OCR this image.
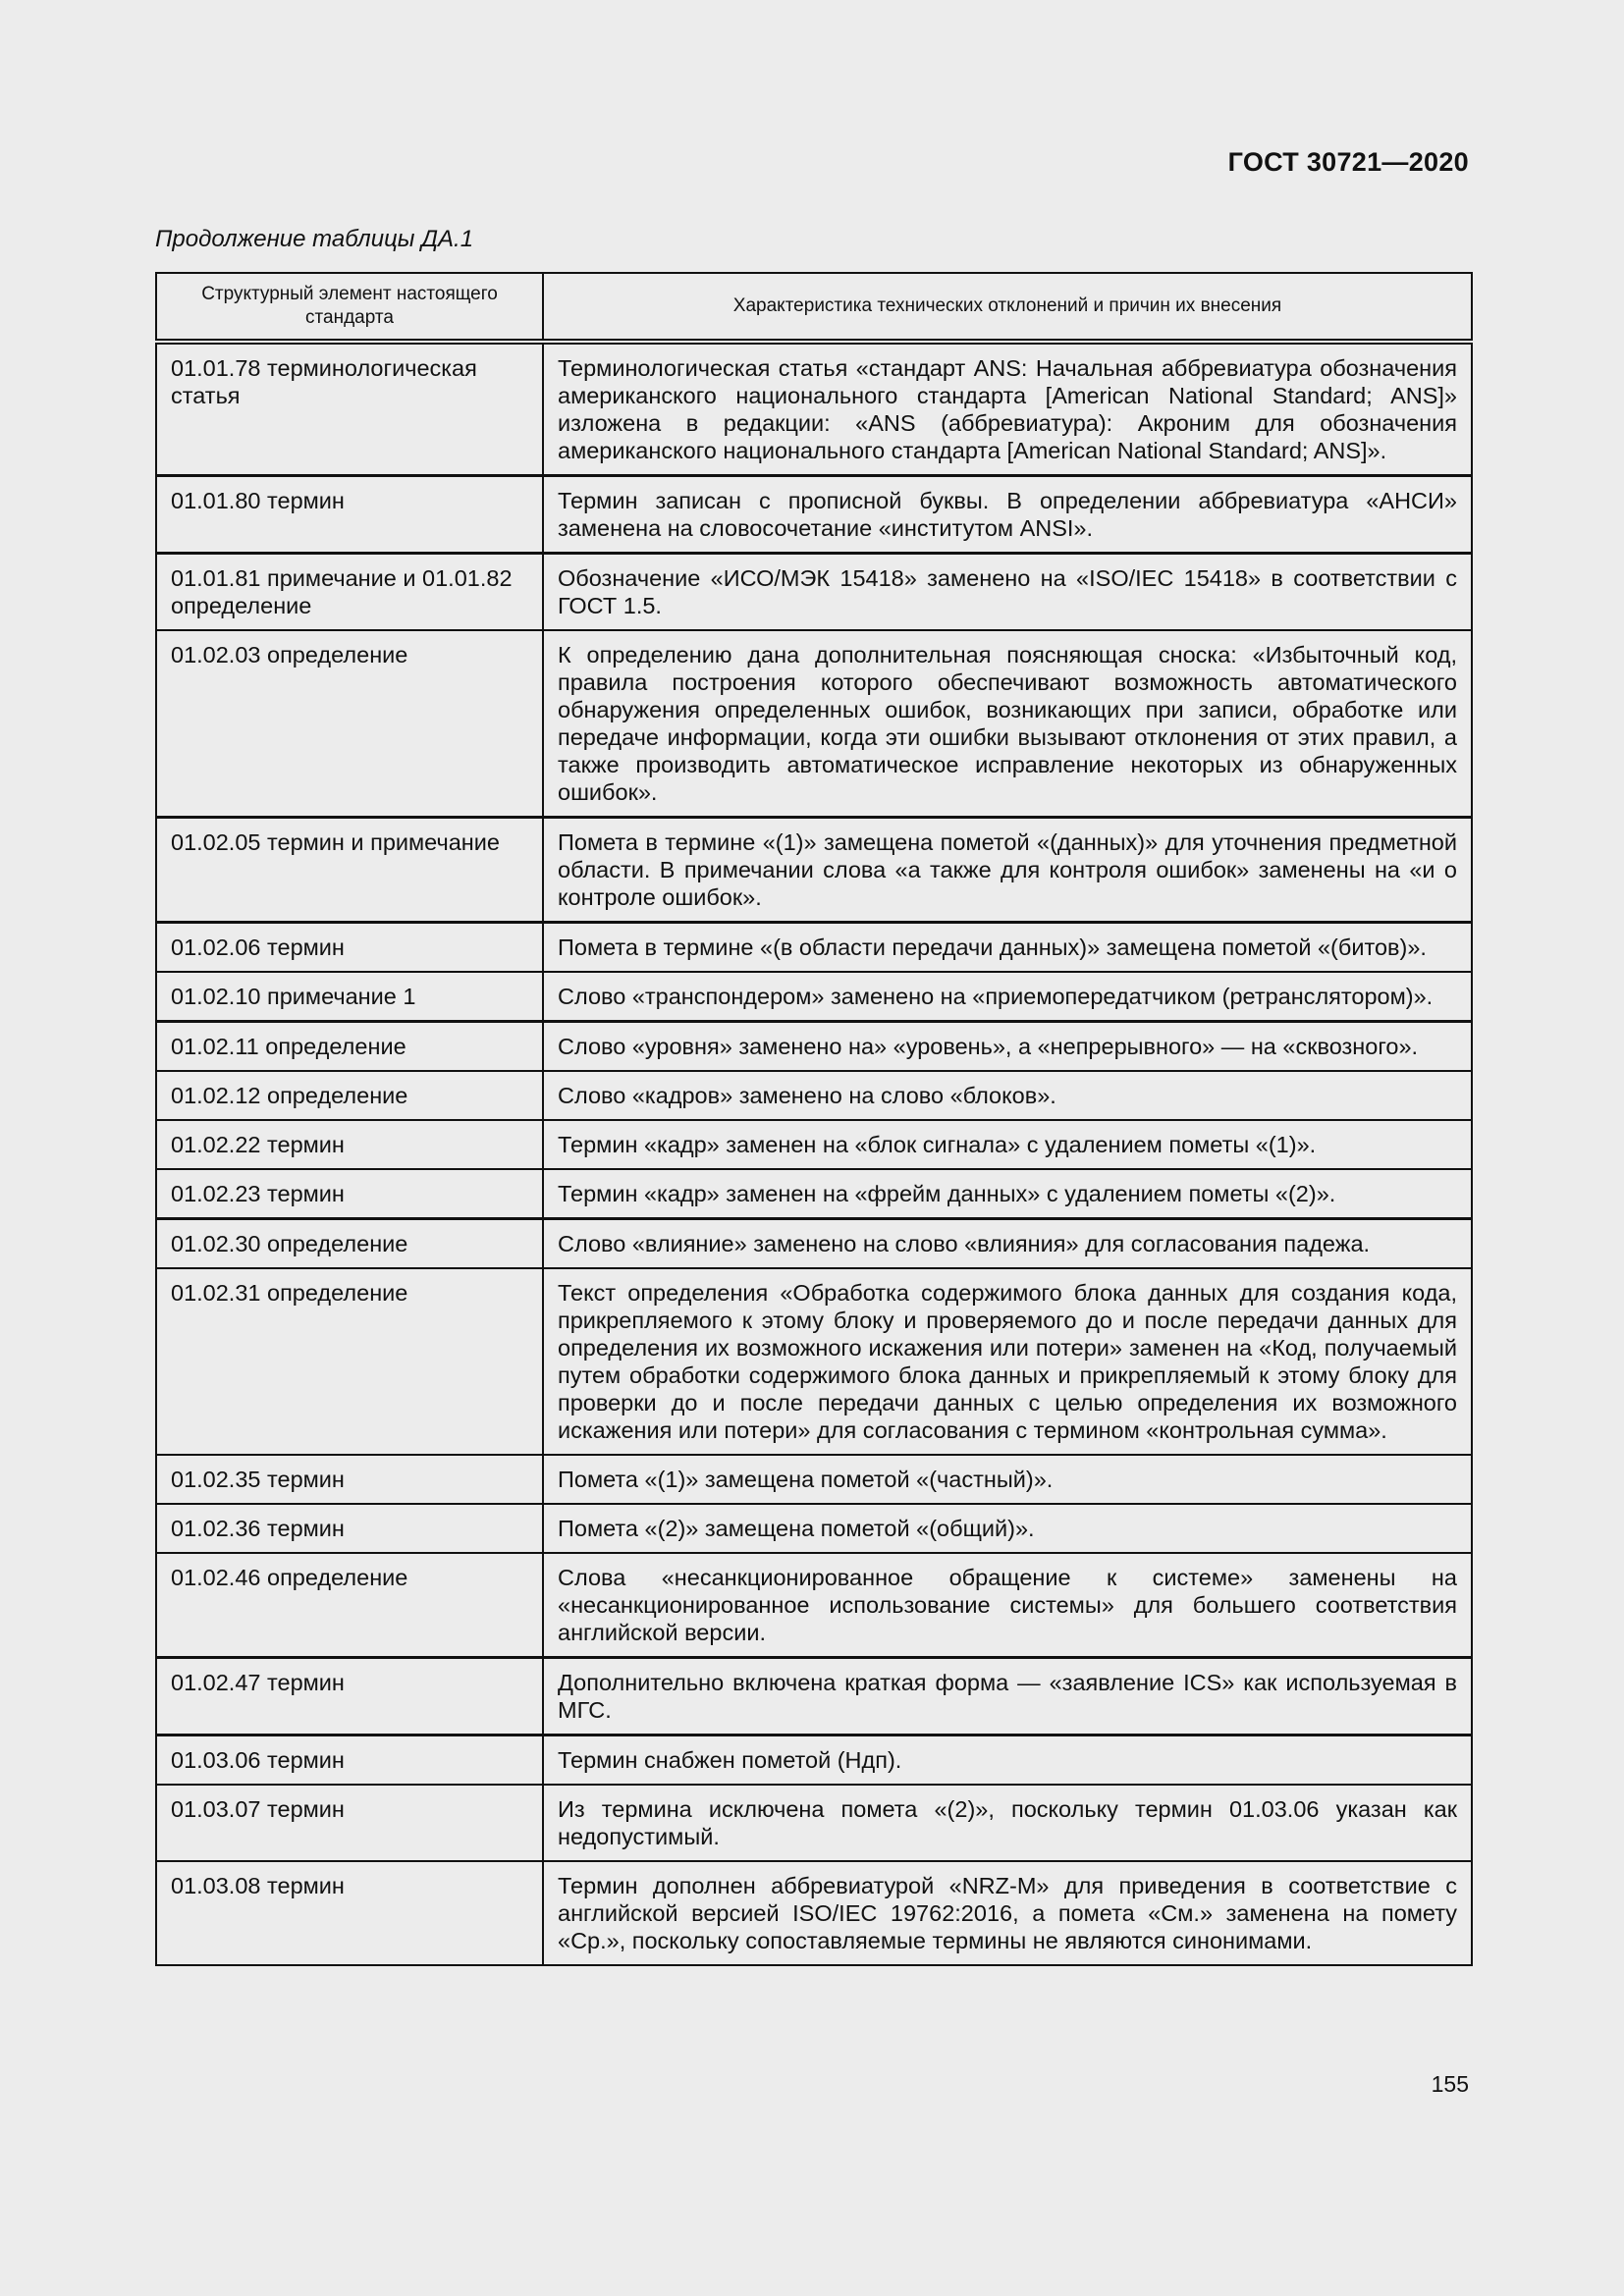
ГОСТ 30721—2020
Продолжение таблицы ДА.1
Структурный элемент настоящего стандарта	Характеристика технических отклонений и причин их внесения
01.01.78 терминологическая статья	Терминологическая статья «стандарт ANS: Начальная аббревиатура обозначения американского национального стандарта [American National Standard; ANS]» изложена в редакции: «ANS (аббревиатура): Акроним для обозначения американского национального стандарта [American National Standard; ANS]».
01.01.80 термин	Термин записан с прописной буквы. В определении аббревиатура «АНСИ» заменена на словосочетание «институтом ANSI».
01.01.81 примечание и 01.01.82 определение	Обозначение «ИСО/МЭК 15418» заменено на «ISO/IEC 15418» в соответствии с ГОСТ 1.5.
01.02.03 определение	К определению дана дополнительная поясняющая сноска: «Избыточный код, правила построения которого обеспечивают возможность автоматического обнаружения определенных ошибок, возникающих при записи, обработке или передаче информации, когда эти ошибки вызывают отклонения от этих правил, а также производить автоматическое исправление некоторых из обнаруженных ошибок».
01.02.05 термин и примечание	Помета в термине «(1)» замещена пометой «(данных)» для уточнения предметной области. В примечании слова «а также для контроля ошибок» заменены на «и о контроле ошибок».
01.02.06 термин	Помета в термине «(в области передачи данных)» замещена пометой «(битов)».
01.02.10 примечание 1	Слово «транспондером» заменено на «приемопередатчиком (ретранслятором)».
01.02.11 определение	Слово «уровня» заменено на» «уровень», а «непрерывного» — на «сквозного».
01.02.12 определение	Слово «кадров» заменено на слово «блоков».
01.02.22 термин	Термин «кадр» заменен на «блок сигнала» с удалением пометы «(1)».
01.02.23 термин	Термин «кадр» заменен на «фрейм данных» с удалением пометы «(2)».
01.02.30 определение	Слово «влияние» заменено на слово «влияния» для согласования падежа.
01.02.31 определение	Текст определения «Обработка содержимого блока данных для создания кода, прикрепляемого к этому блоку и проверяемого до и после передачи данных для определения их возможного искажения или потери» заменен на «Код, получаемый путем обработки содержимого блока данных и прикрепляемый к этому блоку для проверки до и после передачи данных с целью определения их возможного искажения или потери» для согласования с термином «контрольная сумма».
01.02.35 термин	Помета «(1)» замещена пометой «(частный)».
01.02.36 термин	Помета «(2)» замещена пометой «(общий)».
01.02.46 определение	Слова «несанкционированное обращение к системе» заменены на «несанкционированное использование системы» для большего соответствия английской версии.
01.02.47 термин	Дополнительно включена краткая форма — «заявление ICS» как используемая в МГС.
01.03.06 термин	Термин снабжен пометой (Ндп).
01.03.07 термин	Из термина исключена помета «(2)», поскольку термин 01.03.06 указан как недопустимый.
01.03.08 термин	Термин дополнен аббревиатурой «NRZ-M» для приведения в соответствие с английской версией ISO/IEC 19762:2016, а помета «См.» заменена на помету «Ср.», поскольку сопоставляемые термины не являются синонимами.
155
